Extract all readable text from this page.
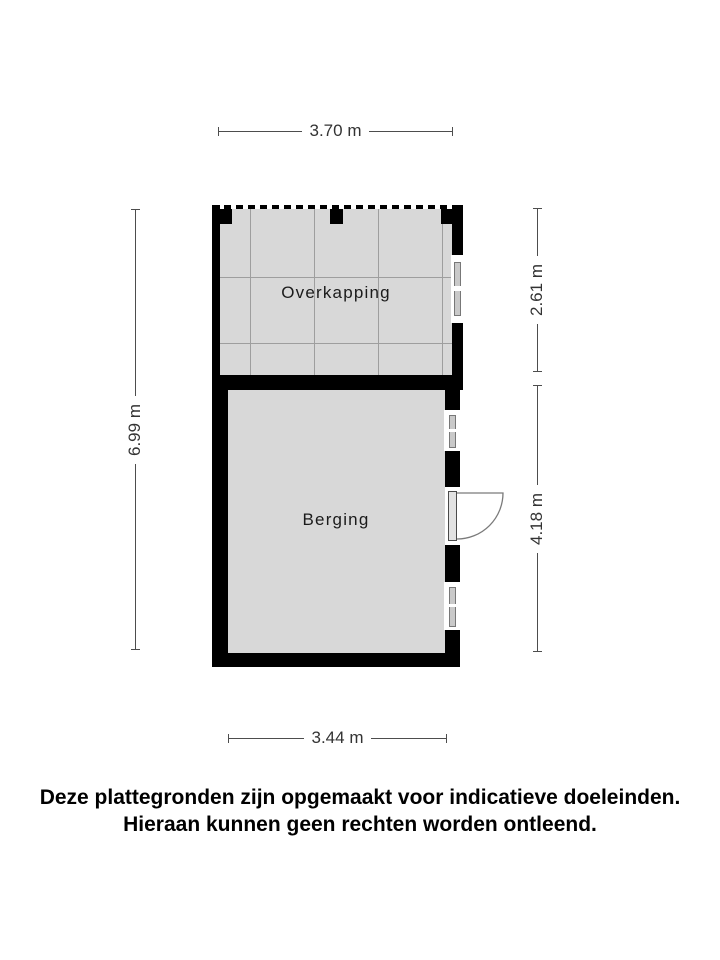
3.70 m
6.99 m
2.61 m
4.18 m
3.44 m
Overkapping
Berging
Deze plattegronden zijn opgemaakt voor indicatieve doeleinden.
Hieraan kunnen geen rechten worden ontleend.
